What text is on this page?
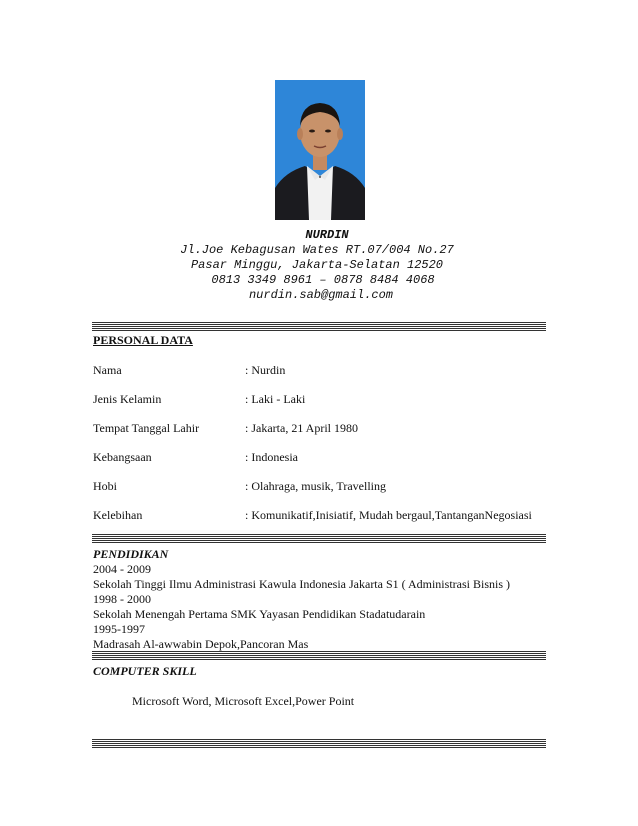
NURDIN
Jl.Joe Kebagusan Wates RT.07/004 No.27
Pasar Minggu, Jakarta-Selatan 12520
0813 3349 8961 – 0878 8484 4068
nurdin.sab@gmail.com
PERSONAL DATA
Nama	: Nurdin
Jenis Kelamin	: Laki - Laki
Tempat Tanggal Lahir	: Jakarta, 21 April 1980
Kebangsaan	: Indonesia
Hobi	: Olahraga, musik, Travelling
Kelebihan	: Komunikatif,Inisiatif, Mudah bergaul,TantanganNegosiasi
PENDIDIKAN
2004 - 2009
Sekolah Tinggi Ilmu Administrasi Kawula Indonesia Jakarta S1 ( Administrasi Bisnis )
1998 - 2000
Sekolah Menengah Pertama SMK Yayasan Pendidikan Stadatudarain
1995-1997
Madrasah Al-awwabin Depok,Pancoran Mas
COMPUTER SKILL
Microsoft Word, Microsoft Excel,Power Point
